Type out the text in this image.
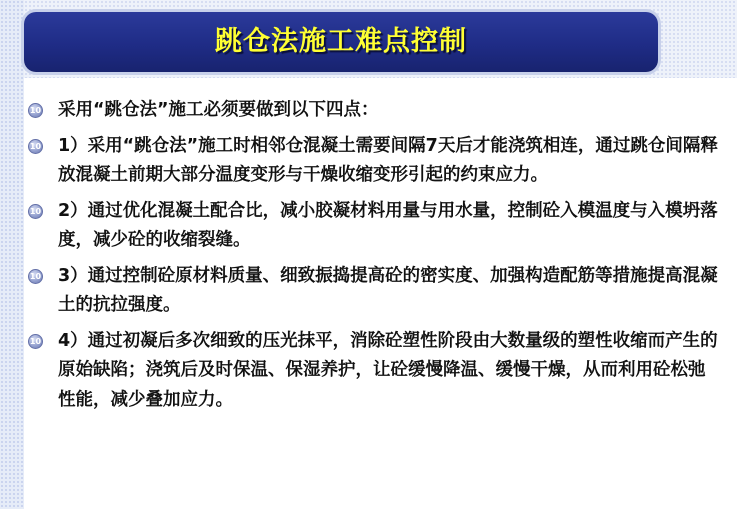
跳仓法施工难点控制
10 采用“跳仓法”施工必须要做到以下四点：
10 1）采用“跳仓法”施工时相邻仓混凝土需要间隔7天后才能浇筑相连，通过跳仓间隔释放混凝土前期大部分温度变形与干燥收缩变形引起的约束应力。
10 2）通过优化混凝土配合比，减小胶凝材料用量与用水量，控制砼入模温度与入模坍落度，减少砼的收缩裂缝。
10 3）通过控制砼原材料质量、细致振捣提高砼的密实度、加强构造配筋等措施提高混凝土的抗拉强度。
10 4）通过初凝后多次细致的压光抹平，消除砼塑性阶段由大数量级的塑性收缩而产生的原始缺陷；浇筑后及时保温、保湿养护，让砼缓慢降温、缓慢干燥，从而利用砼松弛性能，减少叠加应力。
